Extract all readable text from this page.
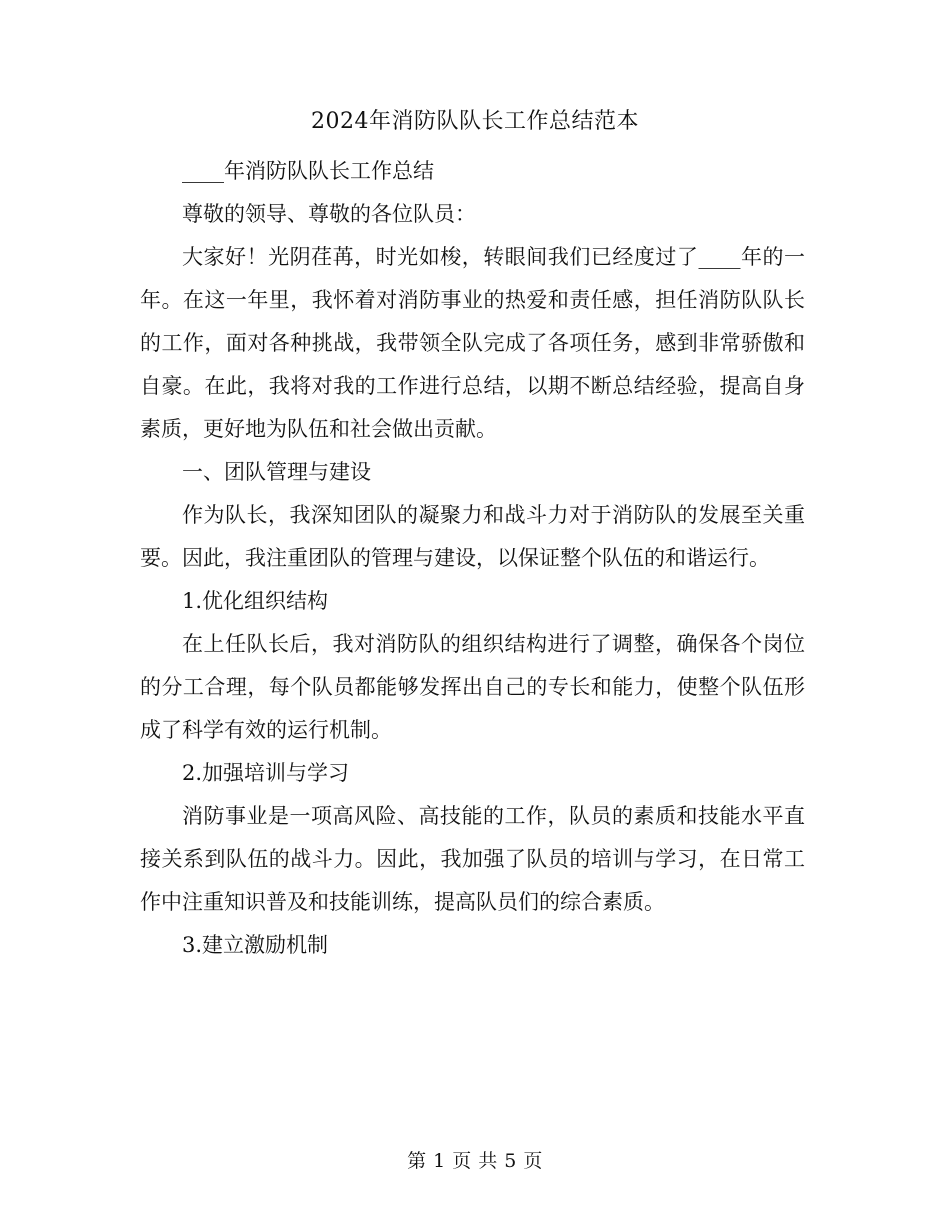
2024年消防队队长工作总结范本

____年消防队队长工作总结

尊敬的领导、尊敬的各位队员：

大家好！光阴荏苒，时光如梭，转眼间我们已经度过了____年的一年。在这一年里，我怀着对消防事业的热爱和责任感，担任消防队队长的工作，面对各种挑战，我带领全队完成了各项任务，感到非常骄傲和自豪。在此，我将对我的工作进行总结，以期不断总结经验，提高自身素质，更好地为队伍和社会做出贡献。

一、团队管理与建设

作为队长，我深知团队的凝聚力和战斗力对于消防队的发展至关重要。因此，我注重团队的管理与建设，以保证整个队伍的和谐运行。

1.优化组织结构

在上任队长后，我对消防队的组织结构进行了调整，确保各个岗位的分工合理，每个队员都能够发挥出自己的专长和能力，使整个队伍形成了科学有效的运行机制。

2.加强培训与学习

消防事业是一项高风险、高技能的工作，队员的素质和技能水平直接关系到队伍的战斗力。因此，我加强了队员的培训与学习，在日常工作中注重知识普及和技能训练，提高队员们的综合素质。

3.建立激励机制

第 1 页 共 5 页
